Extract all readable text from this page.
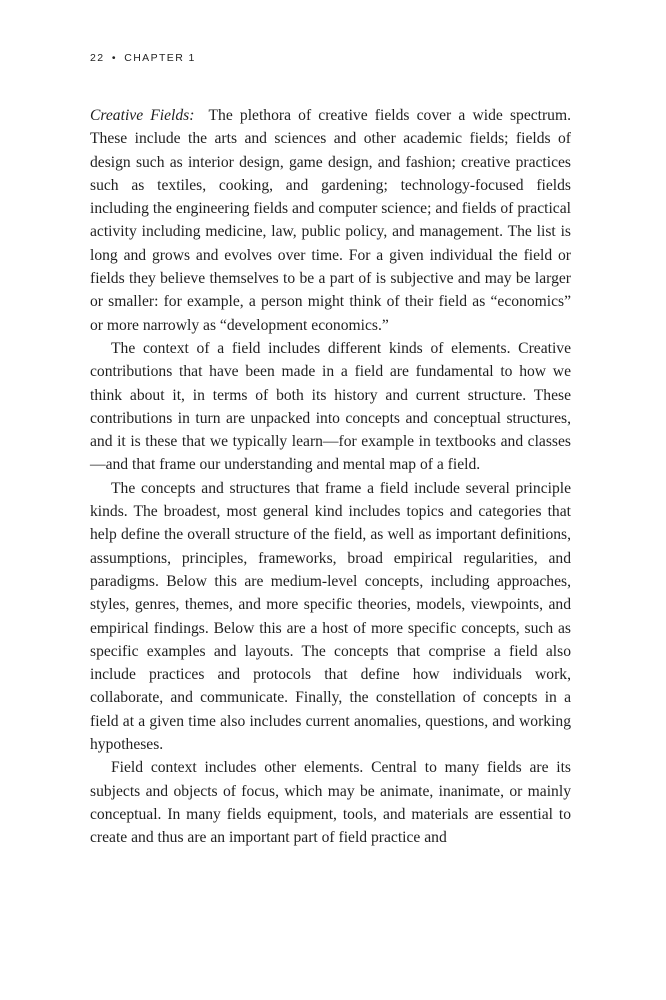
22 • CHAPTER 1

Creative Fields: The plethora of creative fields cover a wide spectrum. These include the arts and sciences and other academic fields; fields of design such as interior design, game design, and fashion; creative practices such as textiles, cooking, and gardening; technology-focused fields including the engineering fields and computer science; and fields of practical activity including medicine, law, public policy, and management. The list is long and grows and evolves over time. For a given individual the field or fields they believe themselves to be a part of is subjective and may be larger or smaller: for example, a person might think of their field as “economics” or more narrowly as “development economics.”

The context of a field includes different kinds of elements. Creative contributions that have been made in a field are fundamental to how we think about it, in terms of both its history and current structure. These contributions in turn are unpacked into concepts and conceptual structures, and it is these that we typically learn—for example in textbooks and classes—and that frame our understanding and mental map of a field.

The concepts and structures that frame a field include several principle kinds. The broadest, most general kind includes topics and categories that help define the overall structure of the field, as well as important definitions, assumptions, principles, frameworks, broad empirical regularities, and paradigms. Below this are medium-level concepts, including approaches, styles, genres, themes, and more specific theories, models, viewpoints, and empirical findings. Below this are a host of more specific concepts, such as specific examples and layouts. The concepts that comprise a field also include practices and protocols that define how individuals work, collaborate, and communicate. Finally, the constellation of concepts in a field at a given time also includes current anomalies, questions, and working hypotheses.

Field context includes other elements. Central to many fields are its subjects and objects of focus, which may be animate, inanimate, or mainly conceptual. In many fields equipment, tools, and materials are essential to create and thus are an important part of field practice and
